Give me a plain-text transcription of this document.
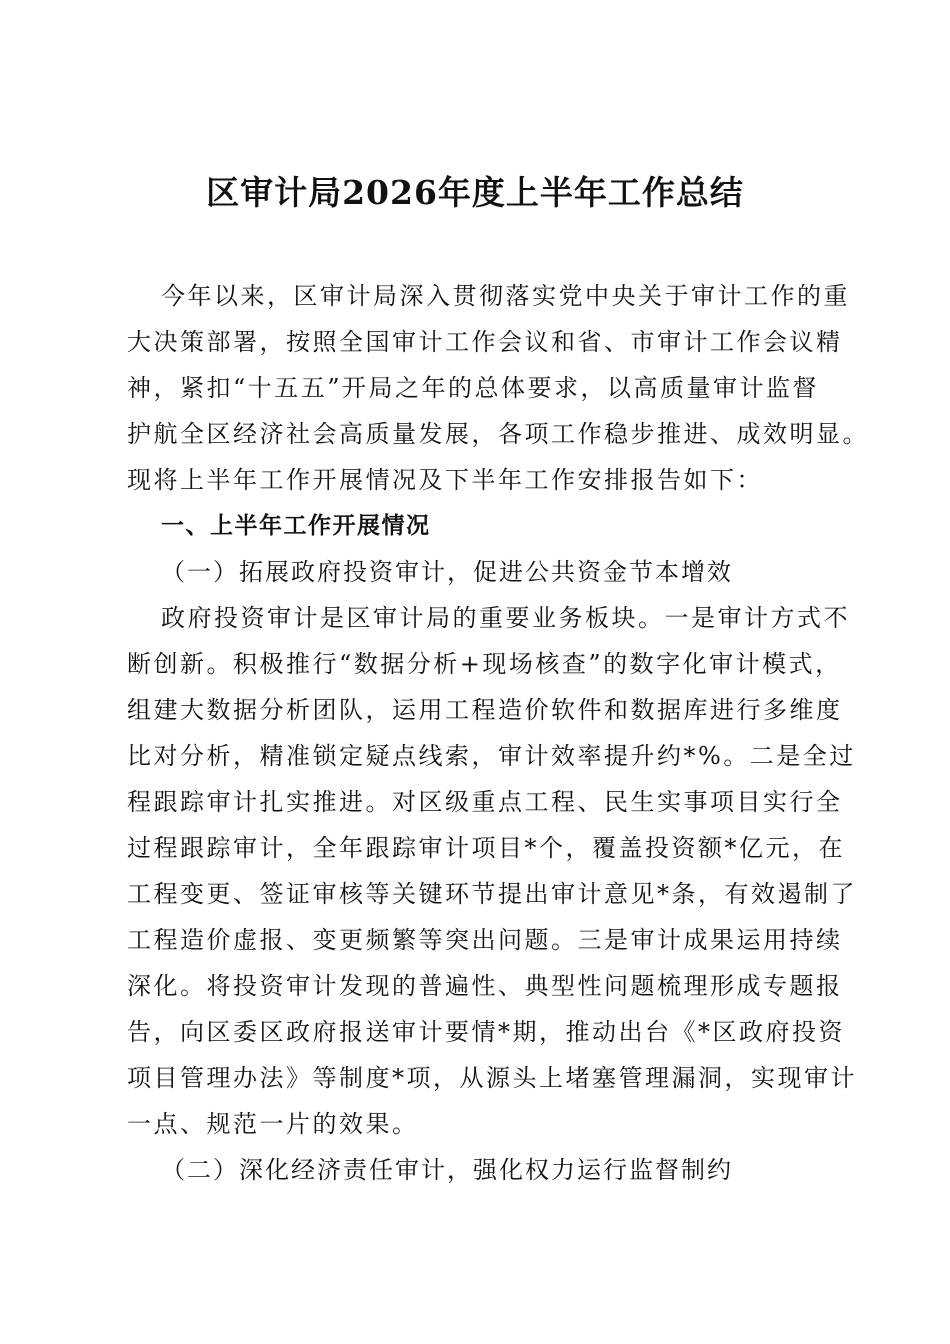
区审计局2026年度上半年工作总结
今年以来，区审计局深入贯彻落实党中央关于审计工作的重
大决策部署，按照全国审计工作会议和省、市审计工作会议精
神，紧扣“十五五”开局之年的总体要求，以高质量审计监督
护航全区经济社会高质量发展，各项工作稳步推进、成效明显。
现将上半年工作开展情况及下半年工作安排报告如下：
一、上半年工作开展情况
（一）拓展政府投资审计，促进公共资金节本增效
政府投资审计是区审计局的重要业务板块。一是审计方式不
断创新。积极推行“数据分析+现场核查”的数字化审计模式，
组建大数据分析团队，运用工程造价软件和数据库进行多维度
比对分析，精准锁定疑点线索，审计效率提升约*%。二是全过
程跟踪审计扎实推进。对区级重点工程、民生实事项目实行全
过程跟踪审计，全年跟踪审计项目*个，覆盖投资额*亿元，在
工程变更、签证审核等关键环节提出审计意见*条，有效遏制了
工程造价虚报、变更频繁等突出问题。三是审计成果运用持续
深化。将投资审计发现的普遍性、典型性问题梳理形成专题报
告，向区委区政府报送审计要情*期，推动出台《*区政府投资
项目管理办法》等制度*项，从源头上堵塞管理漏洞，实现审计
一点、规范一片的效果。
（二）深化经济责任审计，强化权力运行监督制约
